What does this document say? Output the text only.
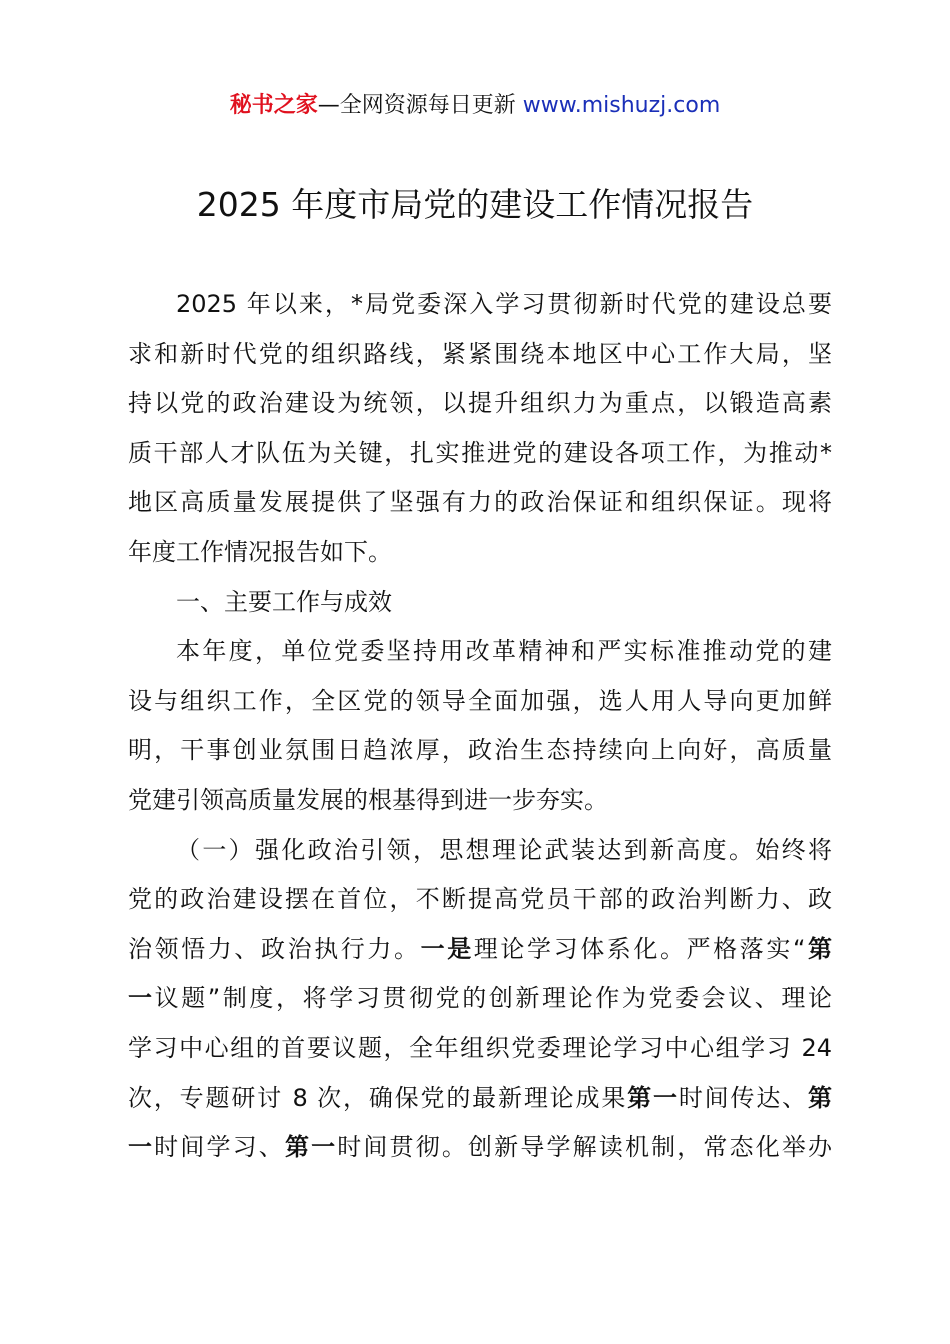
秘书之家—全网资源每日更新 www.mishuzj.com
2025 年度市局党的建设工作情况报告
2025 年以来，*局党委深入学习贯彻新时代党的建设总要
求和新时代党的组织路线，紧紧围绕本地区中心工作大局，坚
持以党的政治建设为统领，以提升组织力为重点，以锻造高素
质干部人才队伍为关键，扎实推进党的建设各项工作，为推动*
地区高质量发展提供了坚强有力的政治保证和组织保证。现将
年度工作情况报告如下。
一、主要工作与成效
本年度，单位党委坚持用改革精神和严实标准推动党的建
设与组织工作，全区党的领导全面加强，选人用人导向更加鲜
明，干事创业氛围日趋浓厚，政治生态持续向上向好，高质量
党建引领高质量发展的根基得到进一步夯实。
（一）强化政治引领，思想理论武装达到新高度。始终将
党的政治建设摆在首位，不断提高党员干部的政治判断力、政
治领悟力、政治执行力。一是理论学习体系化。严格落实“第
一议题”制度，将学习贯彻党的创新理论作为党委会议、理论
学习中心组的首要议题，全年组织党委理论学习中心组学习 24
次，专题研讨 8 次，确保党的最新理论成果第一时间传达、第
一时间学习、第一时间贯彻。创新导学解读机制，常态化举办
